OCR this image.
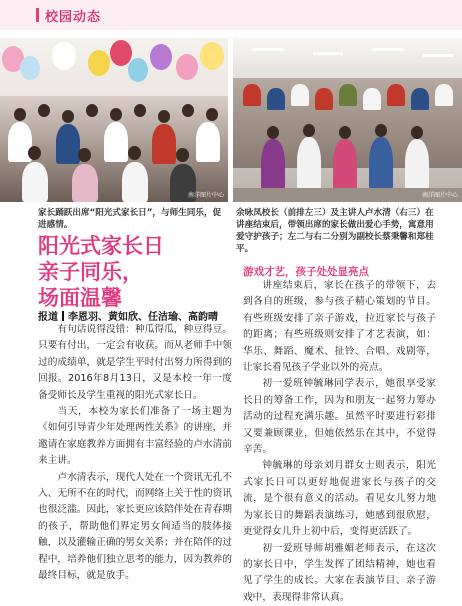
校园动态
南洋图片中心	南洋图片中心
家长踊跃出席“阳光式家长日”，与师生同乐，促进感情。
余咏凤校长（前排左三）及主讲人卢水清（右三）在讲座结束后，带领出席的家长做出爱心手势，寓意用爱守护孩子；左二与右二分别为副校长蔡秉馨和郑桂平。
阳光式家长日
亲子同乐，
场面温馨
报道 李恩羽、黄如欣、任洁瑜、高韵晴

有句话说得没错：种瓜得瓜，种豆得豆。只要有付出，一定会有收获。而从老师手中领过的成绩单，就是学生平时付出努力所得到的回报。2016年8月13日，又是本校一年一度备受师长及学生重视的阳光式家长日。

当天，本校为家长们准备了一场主题为《如何引导青少年处理两性关系》的讲座，并邀请在家庭教养方面拥有丰富经验的卢水清前来主讲。

卢水清表示，现代人处在一个资讯无孔不入、无所不在的时代，而网络上关于性的资讯也很泛滥。因此，家长更应该陪伴处在青春期的孩子，帮助他们界定男女间适当的肢体接触，以及灌输正确的男女关系；并在陪伴的过程中，培养他们独立思考的能力，因为教养的最终目标，就是放手。

游戏才艺，孩子处处显亮点

讲座结束后，家长在孩子的带领下，去到各自的班级，参与孩子精心策划的节目。有些班级安排了亲子游戏，拉近家长与孩子的距离；有些班级则安排了才艺表演，如：华乐、舞蹈、魔术、扯铃、合唱、戏剧等，让家长看见孩子学业以外的亮点。

初一爱班钟毓琳同学表示，她很享受家长日的筹备工作，因为和朋友一起努力筹办活动的过程充满乐趣。虽然平时要进行彩排又要兼顾课业，但她依然乐在其中，不觉得辛苦。

钟毓琳的母亲刘月群女士则表示，阳光式家长日可以更好地促进家长与孩子的交流，是个很有意义的活动。看见女儿努力地为家长日的舞蹈表演练习，她感到很欣慰，更觉得女儿升上初中后，变得更活跃了。

初一爱班导师胡雅媚老师表示，在这次的家长日中，学生发挥了团结精神，她也看见了学生的成长。大家在表演节目、亲子游戏中，表现得非常认真。
